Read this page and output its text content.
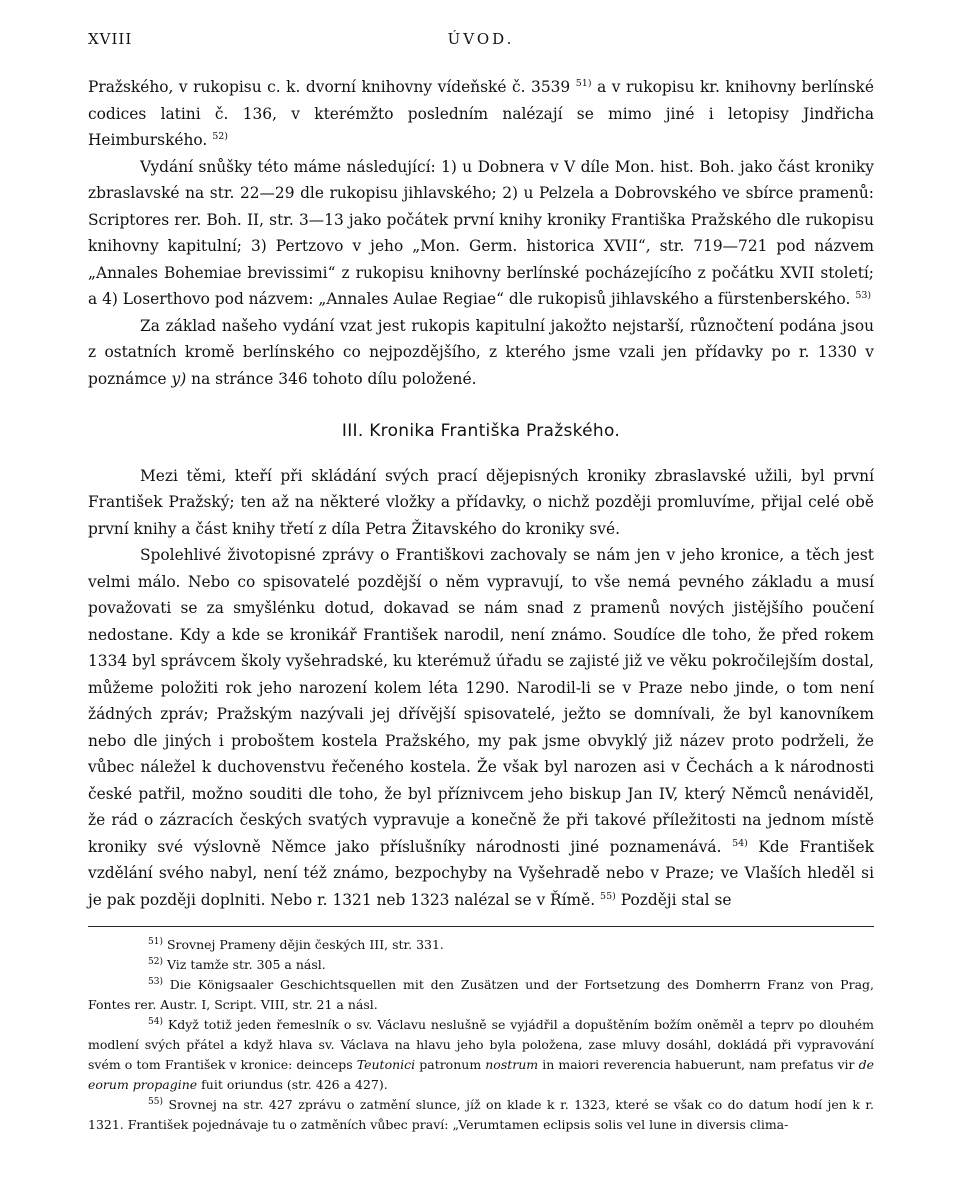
XVIII	ÚVOD.

Pražského, v rukopisu c. k. dvorní knihovny vídeňské č. 3539 $^{51)}$ a v rukopisu kr. knihovny berlínské codices latini č. 136, v kterémžto posledním nalézají se mimo jiné i letopisy Jindřicha Heimburského. $^{52)}$

Vydání snůšky této máme následující: 1) u Dobnera v V díle Mon. hist. Boh. jako část kroniky zbraslavské na str. 22—29 dle rukopisu jihlavského; 2) u Pelzela a Dobrovského ve sbírce pramenů: Scriptores rer. Boh. II, str. 3—13 jako počátek první knihy kroniky Františka Pražského dle rukopisu knihovny kapitulní; 3) Pertzovo v jeho „Mon. Germ. historica XVII“, str. 719—721 pod názvem „Annales Bohemiae brevissimi“ z rukopisu knihovny berlínské pocházejícího z počátku XVII století; a 4) Loserthovo pod názvem: „Annales Aulae Regiae“ dle rukopisů jihlavského a fürstenberského. $^{53)}$

Za základ našeho vydání vzat jest rukopis kapitulní jakožto nejstarší, různočtení podána jsou z ostatních kromě berlínského co nejpozdějšího, z kterého jsme vzali jen přídavky po r. 1330 v poznámce y) na stránce 346 tohoto dílu položené.

III. Kronika Františka Pražského.

Mezi těmi, kteří při skládání svých prací dějepisných kroniky zbraslavské užili, byl první František Pražský; ten až na některé vložky a přídavky, o nichž později promluvíme, přijal celé obě první knihy a část knihy třetí z díla Petra Žitavského do kroniky své.

Spolehlivé životopisné zprávy o Františkovi zachovaly se nám jen v jeho kronice, a těch jest velmi málo. Nebo co spisovatelé pozdější o něm vypravují, to vše nemá pevného základu a musí považovati se za smyšlénku dotud, dokavad se nám snad z pramenů nových jistějšího poučení nedostane. Kdy a kde se kronikář František narodil, není známo. Soudíce dle toho, že před rokem 1334 byl správcem školy vyšehradské, ku kterémuž úřadu se zajisté již ve věku pokročilejším dostal, můžeme položiti rok jeho narození kolem léta 1290. Narodil-li se v Praze nebo jinde, o tom není žádných zpráv; Pražským nazývali jej dřívější spisovatelé, ježto se domnívali, že byl kanovníkem nebo dle jiných i proboštem kostela Pražského, my pak jsme obvyklý již název proto podrželi, že vůbec náležel k duchovenstvu řečeného kostela. Že však byl narozen asi v Čechách a k národnosti české patřil, možno souditi dle toho, že byl příznivcem jeho biskup Jan IV, který Němců nenáviděl, že rád o zázracích českých svatých vypravuje a konečně že při takové příležitosti na jednom místě kroniky své výslovně Němce jako příslušníky národnosti jiné poznamenává. $^{54)}$ Kde František vzdělání svého nabyl, není též známo, bezpochyby na Vyšehradě nebo v Praze; ve Vlaších hleděl si je pak později doplniti. Nebo r. 1321 neb 1323 nalézal se v Římě. $^{55)}$ Později stal se

$^{51)}$ Srovnej Prameny dějin českých III, str. 331.

$^{52)}$ Viz tamže str. 305 a násl.

$^{53)}$ Die Königsaaler Geschichtsquellen mit den Zusätzen und der Fortsetzung des Domherrn Franz von Prag, Fontes rer. Austr. I, Script. VIII, str. 21 a násl.

$^{54)}$ Když totiž jeden řemeslník o sv. Václavu neslušně se vyjádřil a dopuštěním božím oněměl a teprv po dlouhém modlení svých přátel a když hlava sv. Václava na hlavu jeho byla položena, zase mluvy dosáhl, dokládá při vypravování svém o tom František v kronice: deinceps Teutonici patronum nostrum in maiori reverencia habuerunt, nam prefatus vir de eorum propagine fuit oriundus (str. 426 a 427).

$^{55)}$ Srovnej na str. 427 zprávu o zatmění slunce, jíž on klade k r. 1323, které se však co do datum hodí jen k r. 1321. František pojednávaje tu o zatměních vůbec praví: „Verumtamen eclipsis solis vel lune in diversis clima-
